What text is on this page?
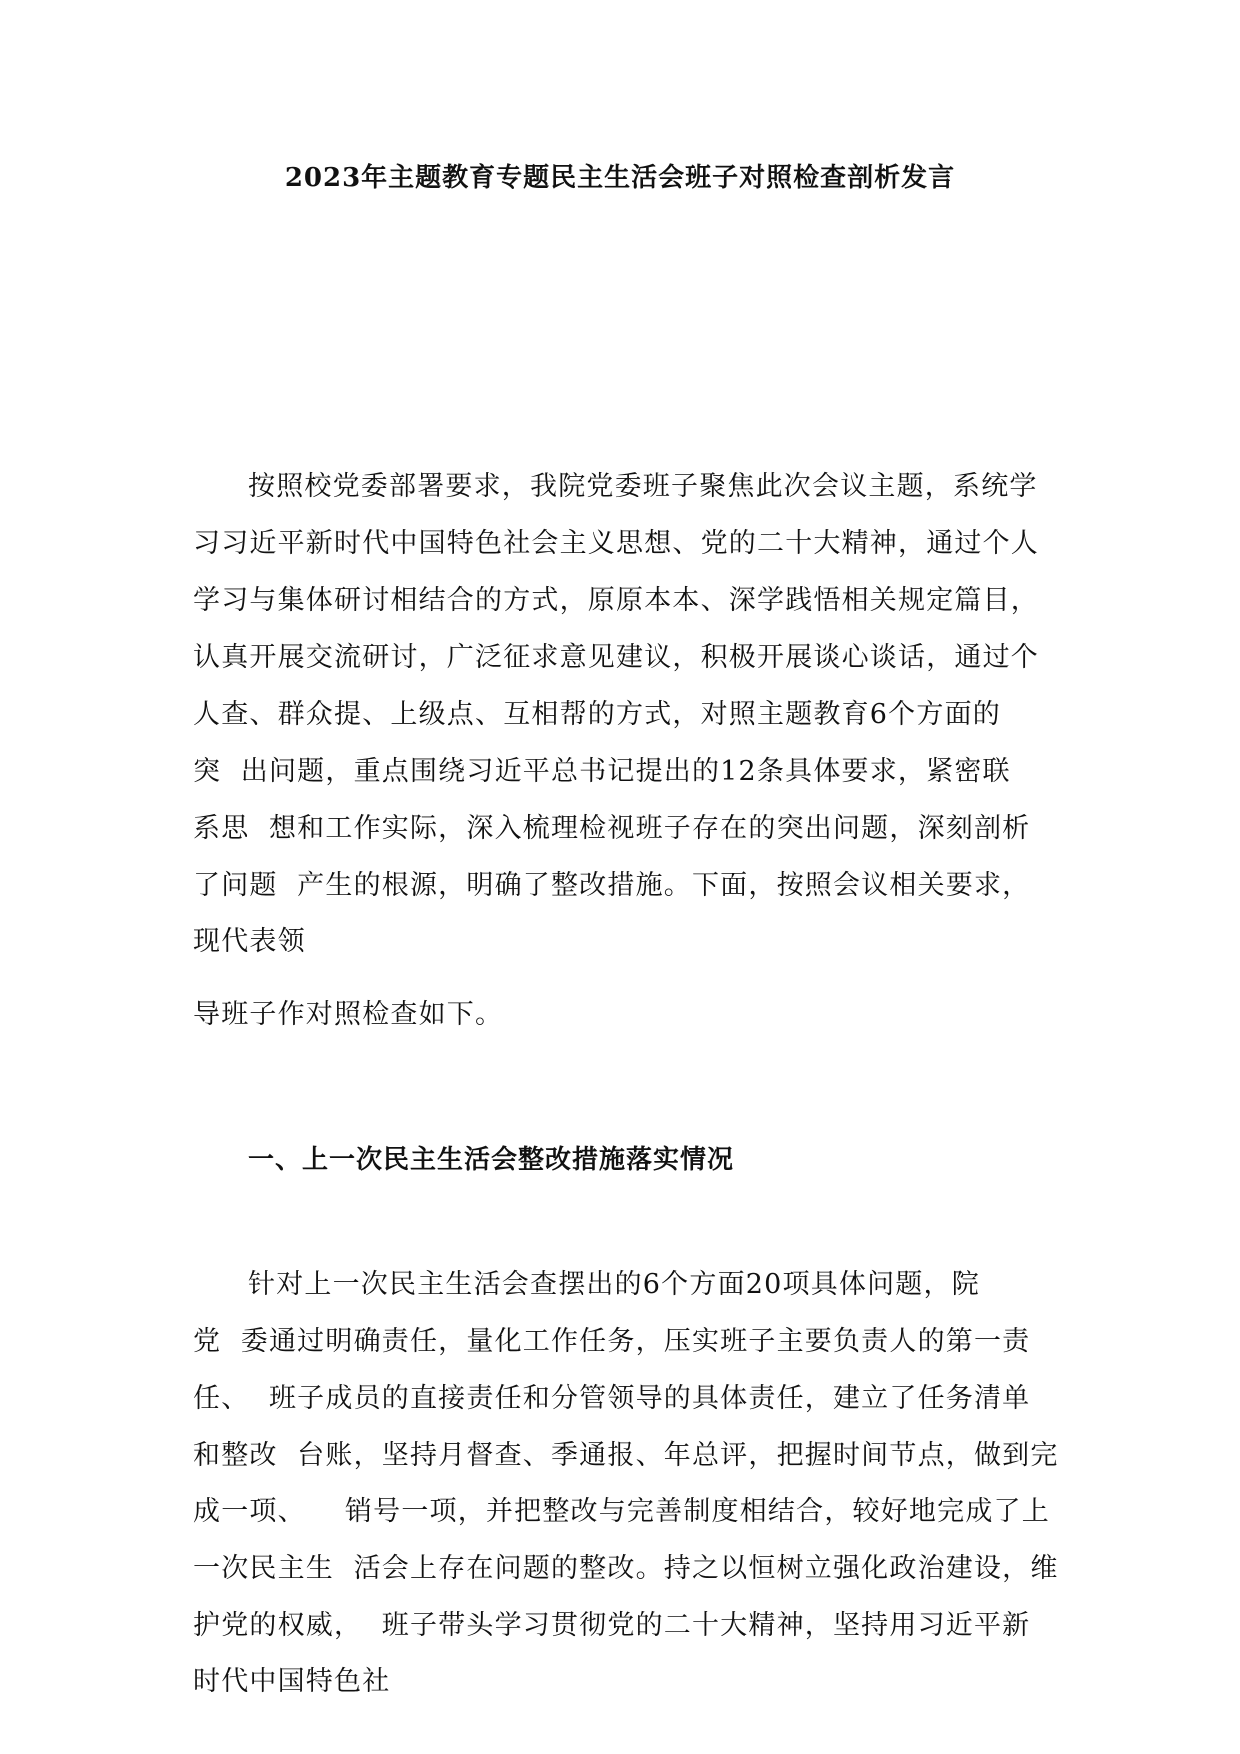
2023年主题教育专题民主生活会班子对照检查剖析发言
按照校党委部署要求，我院党委班子聚焦此次会议主题，系统学
习习近平新时代中国特色社会主义思想、党的二十大精神，通过个人
学习与集体研讨相结合的方式，原原本本、深学践悟相关规定篇目，
认真开展交流研讨，广泛征求意见建议，积极开展谈心谈话，通过个
人查、群众提、上级点、互相帮的方式，对照主题教育6个方面的
突  出问题，重点围绕习近平总书记提出的12条具体要求，紧密联
系思  想和工作实际，深入梳理检视班子存在的突出问题，深刻剖析
了问题  产生的根源，明确了整改措施。下面，按照会议相关要求，
现代表领
导班子作对照检查如下。
一、上一次民主生活会整改措施落实情况
针对上一次民主生活会查摆出的6个方面20项具体问题，院
党  委通过明确责任，量化工作任务，压实班子主要负责人的第一责
任、  班子成员的直接责任和分管领导的具体责任，建立了任务清单
和整改  台账，坚持月督查、季通报、年总评，把握时间节点，做到完
成一项、    销号一项，并把整改与完善制度相结合，较好地完成了上
一次民主生  活会上存在问题的整改。持之以恒树立强化政治建设，维
护党的权威，  班子带头学习贯彻党的二十大精神，坚持用习近平新
时代中国特色社
